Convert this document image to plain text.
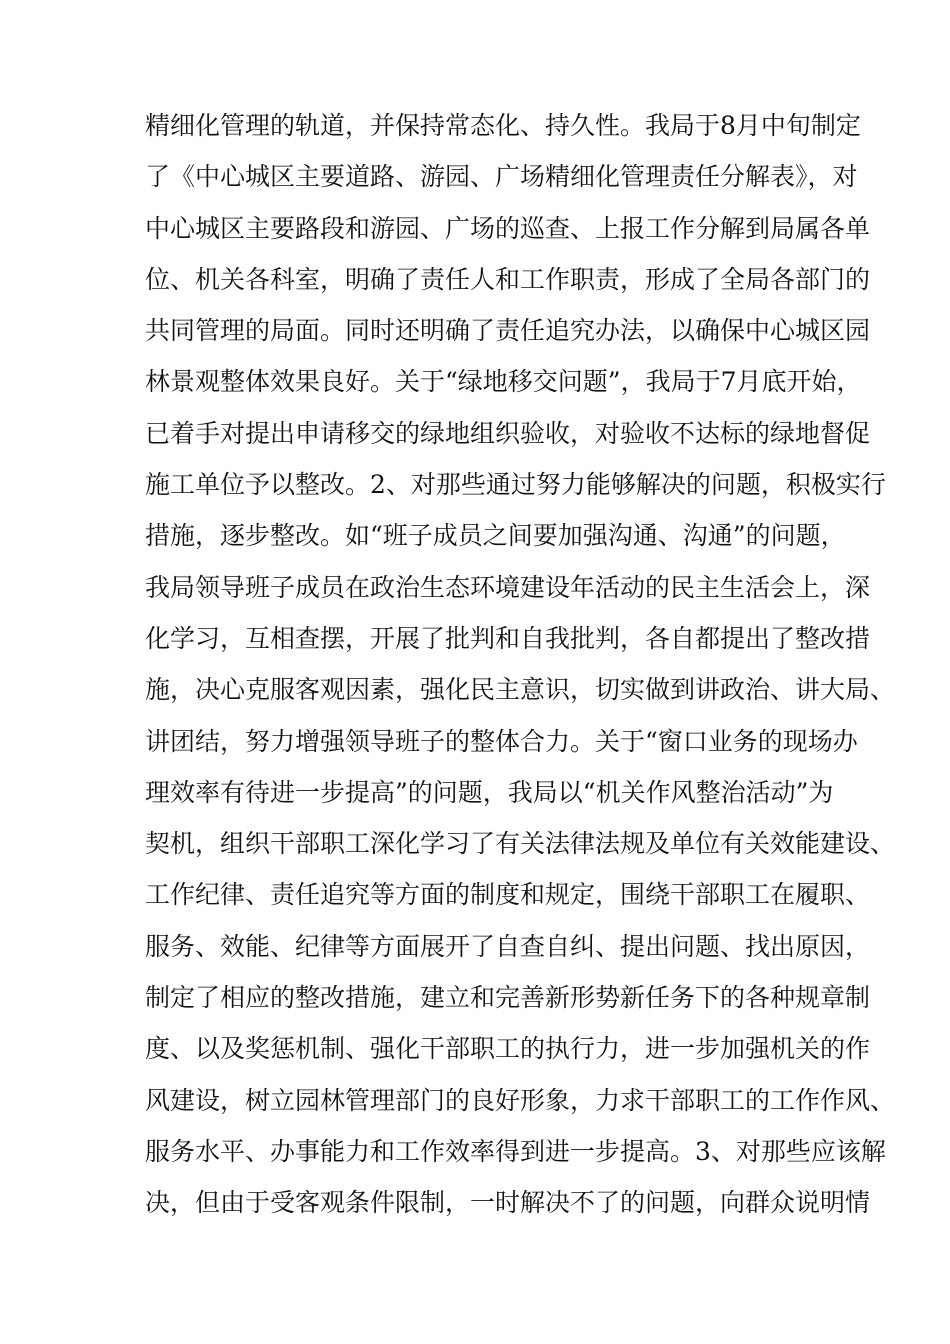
精细化管理的轨道，并保持常态化、持久性。我局于8月中旬制定
了《中心城区主要道路、游园、广场精细化管理责任分解表》，对
中心城区主要路段和游园、广场的巡查、上报工作分解到局属各单
位、机关各科室，明确了责任人和工作职责，形成了全局各部门的
共同管理的局面。同时还明确了责任追究办法，以确保中心城区园
林景观整体效果良好。关于“绿地移交问题”，我局于7月底开始，
已着手对提出申请移交的绿地组织验收，对验收不达标的绿地督促
施工单位予以整改。2、对那些通过努力能够解决的问题，积极实行
措施，逐步整改。如“班子成员之间要加强沟通、沟通”的问题，
我局领导班子成员在政治生态环境建设年活动的民主生活会上，深
化学习，互相查摆，开展了批判和自我批判，各自都提出了整改措
施，决心克服客观因素，强化民主意识，切实做到讲政治、讲大局、
讲团结，努力增强领导班子的整体合力。关于“窗口业务的现场办
理效率有待进一步提高”的问题，我局以“机关作风整治活动”为
契机，组织干部职工深化学习了有关法律法规及单位有关效能建设、
工作纪律、责任追究等方面的制度和规定，围绕干部职工在履职、
服务、效能、纪律等方面展开了自查自纠、提出问题、找出原因，
制定了相应的整改措施，建立和完善新形势新任务下的各种规章制
度、以及奖惩机制、强化干部职工的执行力，进一步加强机关的作
风建设，树立园林管理部门的良好形象，力求干部职工的工作作风、
服务水平、办事能力和工作效率得到进一步提高。3、对那些应该解
决，但由于受客观条件限制，一时解决不了的问题，向群众说明情
